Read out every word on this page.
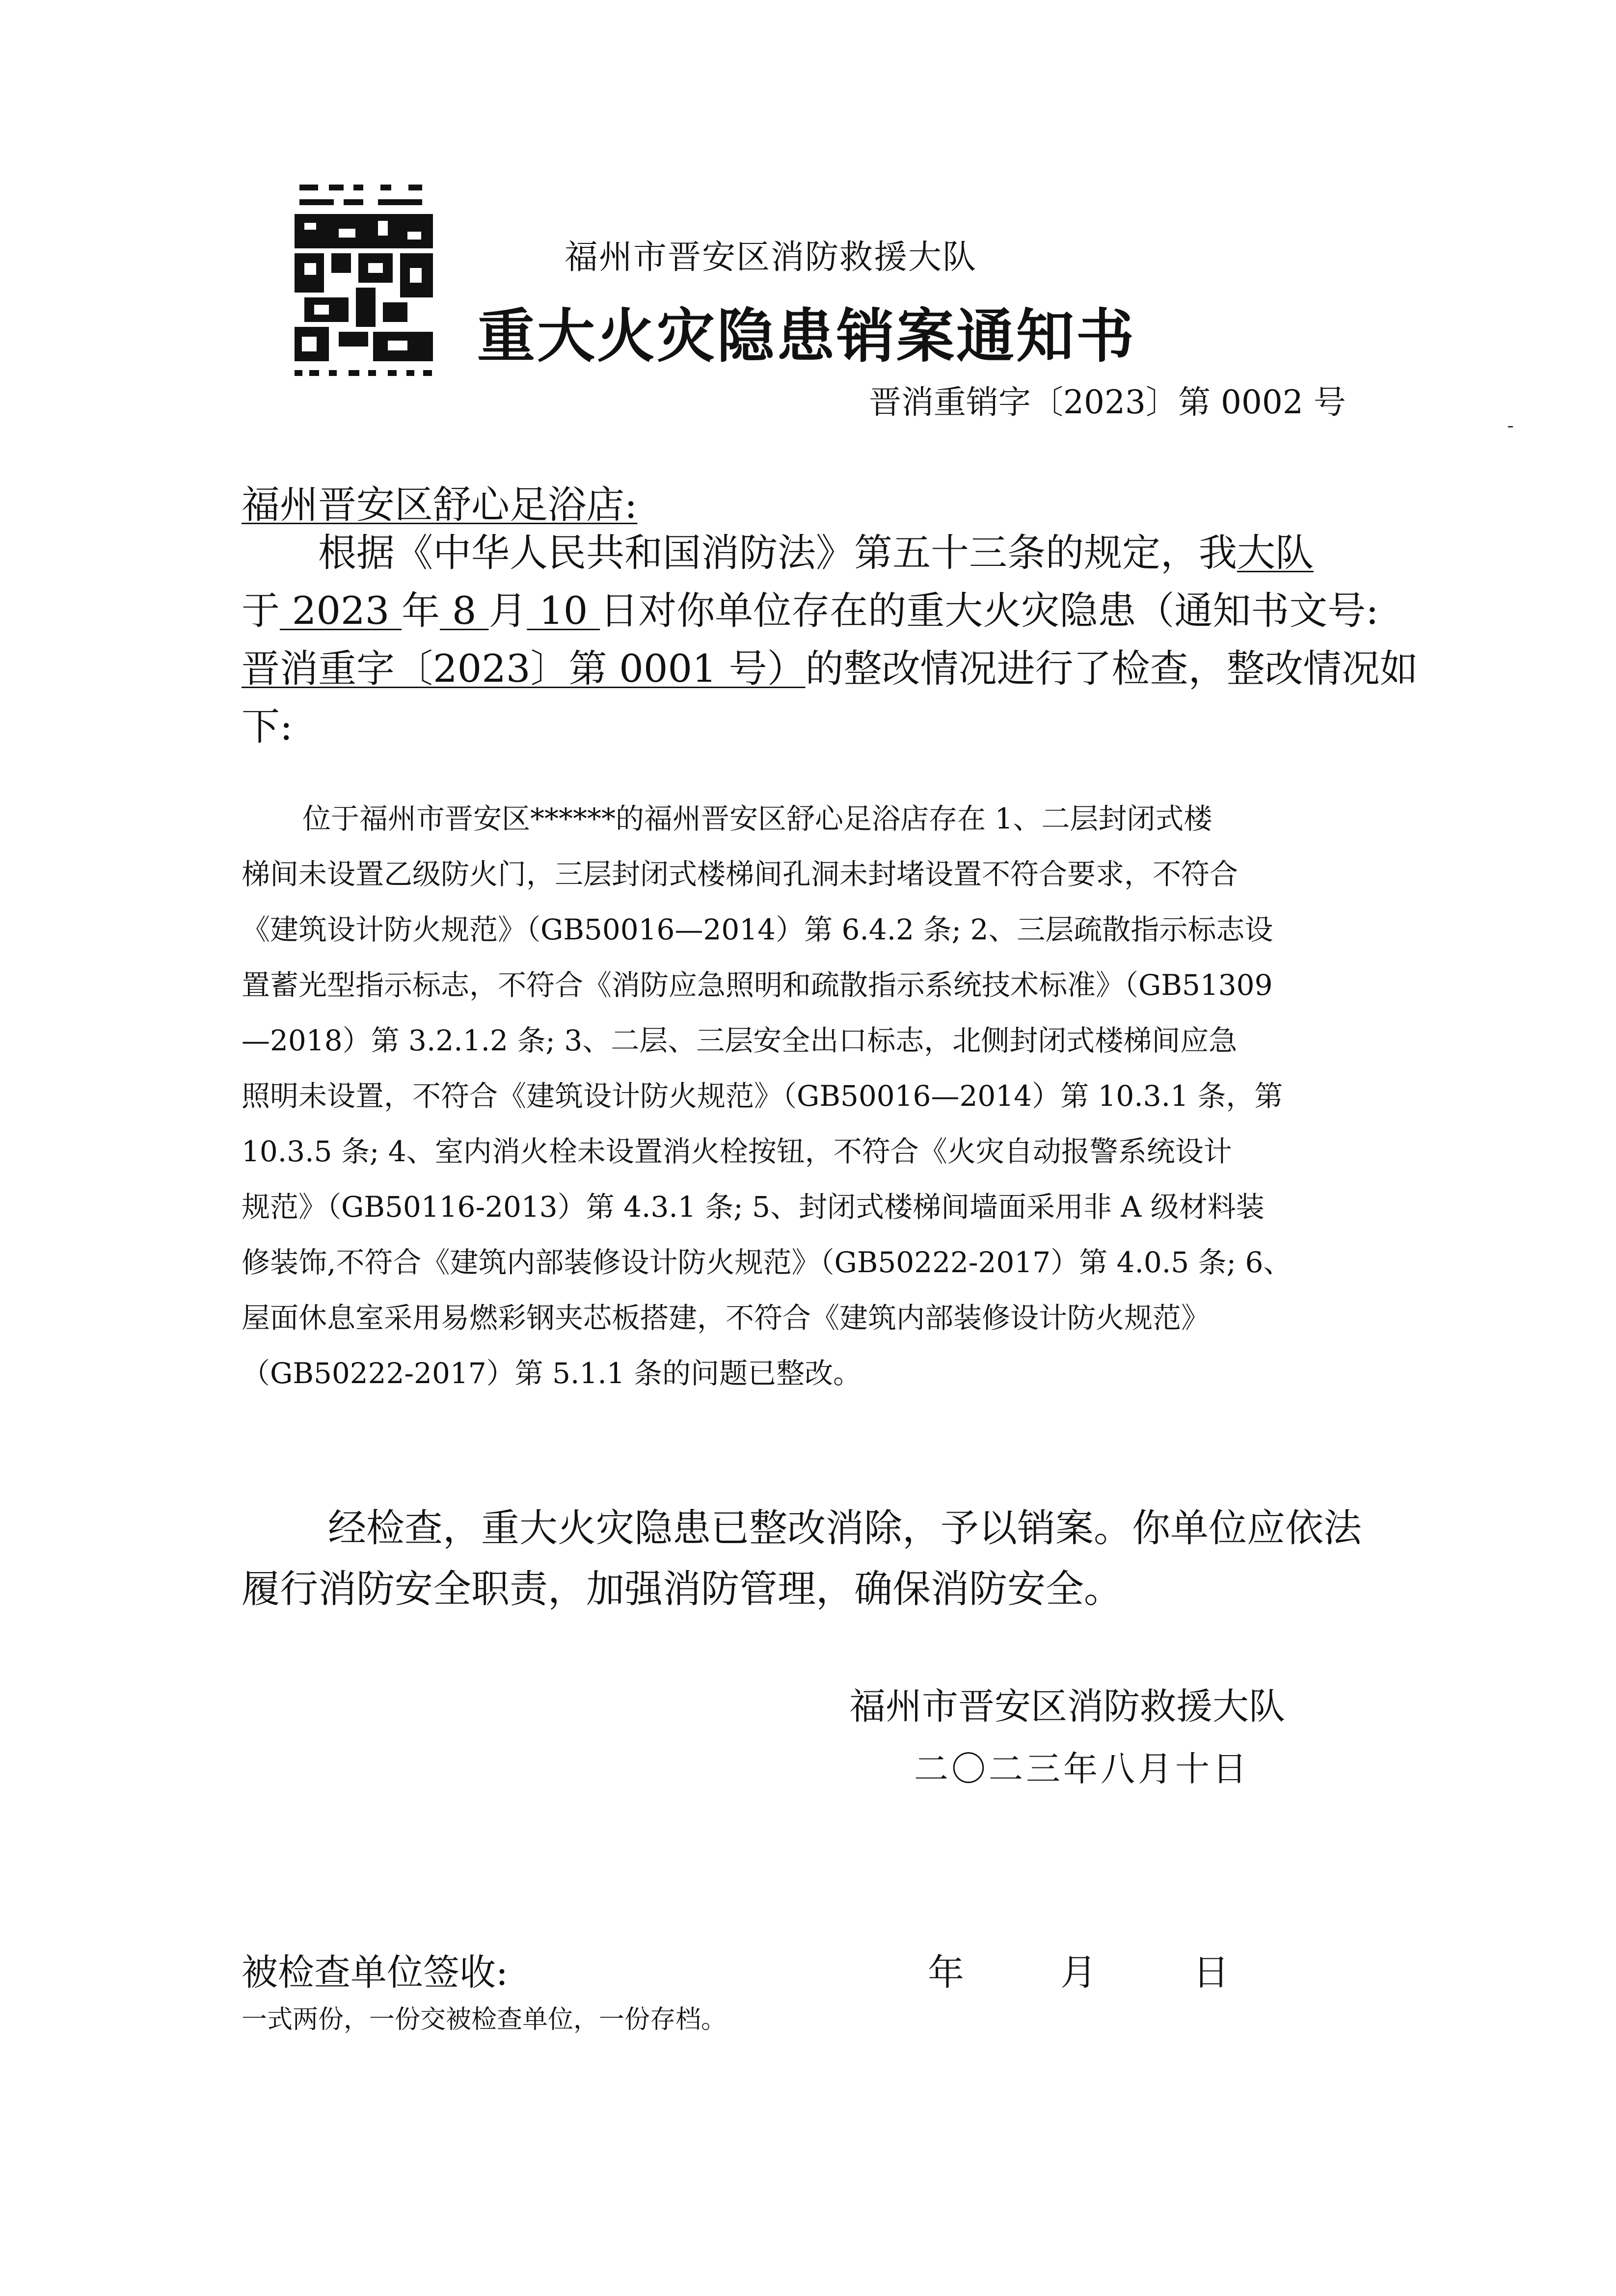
福州市晋安区消防救援大队
重大火灾隐患销案通知书
晋消重销字〔2023〕第 0002 号
福州晋安区舒心足浴店:

根据《中华人民共和国消防法》第五十三条的规定，我大队

于 2023 年 8 月 10 日对你单位存在的重大火灾隐患（通知书文号:

晋消重字〔2023〕第 0001 号）的整改情况进行了检查，整改情况如

下:

位于福州市晋安区******的福州晋安区舒心足浴店存在 1、二层封闭式楼

梯间未设置乙级防火门，三层封闭式楼梯间孔洞未封堵设置不符合要求，不符合

《建筑设计防火规范》（GB50016—2014）第 6.4.2 条; 2、三层疏散指示标志设

置蓄光型指示标志，不符合《消防应急照明和疏散指示系统技术标准》（GB51309

—2018）第 3.2.1.2 条; 3、二层、三层安全出口标志，北侧封闭式楼梯间应急

照明未设置，不符合《建筑设计防火规范》（GB50016—2014）第 10.3.1 条，第

10.3.5 条; 4、室内消火栓未设置消火栓按钮，不符合《火灾自动报警系统设计

规范》（GB50116-2013）第 4.3.1 条; 5、封闭式楼梯间墙面采用非 A 级材料装

修装饰,不符合《建筑内部装修设计防火规范》（GB50222-2017）第 4.0.5 条; 6、

屋面休息室采用易燃彩钢夹芯板搭建，不符合《建筑内部装修设计防火规范》

（GB50222-2017）第 5.1.1 条的问题已整改。

经检查，重大火灾隐患已整改消除，予以销案。你单位应依法

履行消防安全职责，加强消防管理，确保消防安全。

福州市晋安区消防救援大队
二〇二三年八月十日
被检查单位签收:	年	月	日
一式两份，一份交被检查单位，一份存档。
